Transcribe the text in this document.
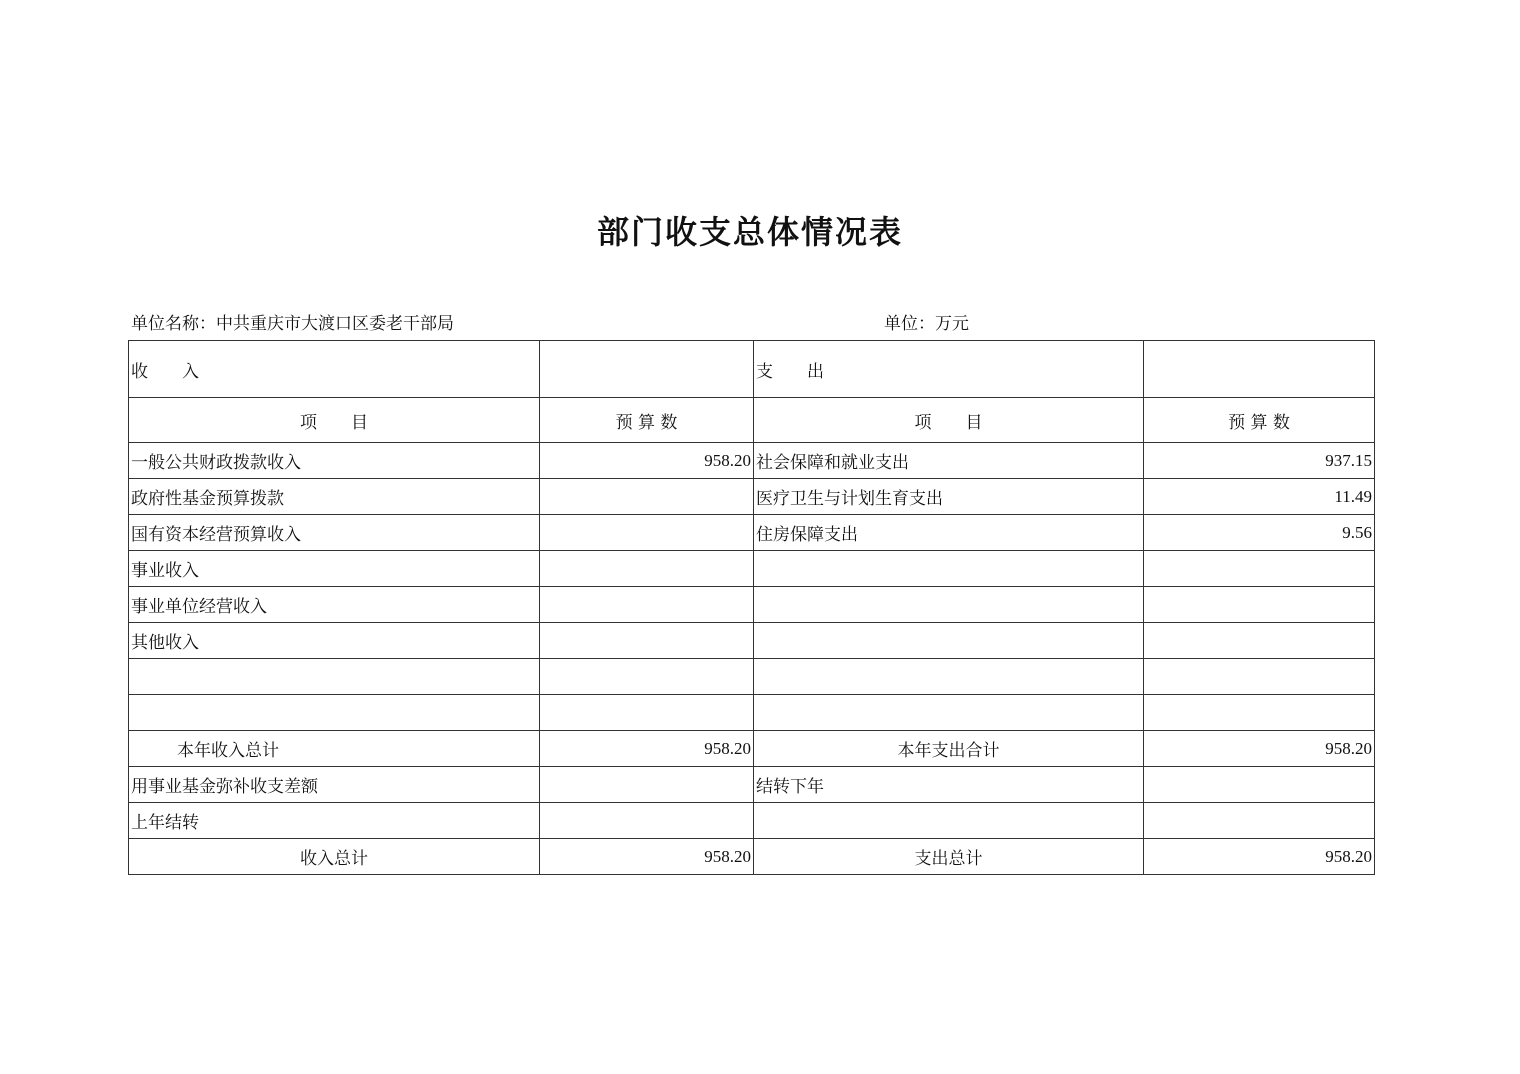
部门收支总体情况表
单位名称：中共重庆市大渡口区委老干部局	单位：万元
收　　入		支　　出	
项　　目	预 算 数	项　　目	预 算 数
一般公共财政拨款收入	958.20	社会保障和就业支出	937.15
政府性基金预算拨款		医疗卫生与计划生育支出	11.49
国有资本经营预算收入		住房保障支出	9.56
事业收入			
事业单位经营收入			
其他收入			

本年收入总计	958.20	本年支出合计	958.20
用事业基金弥补收支差额		结转下年	
上年结转			
收入总计	958.20	支出总计	958.20
